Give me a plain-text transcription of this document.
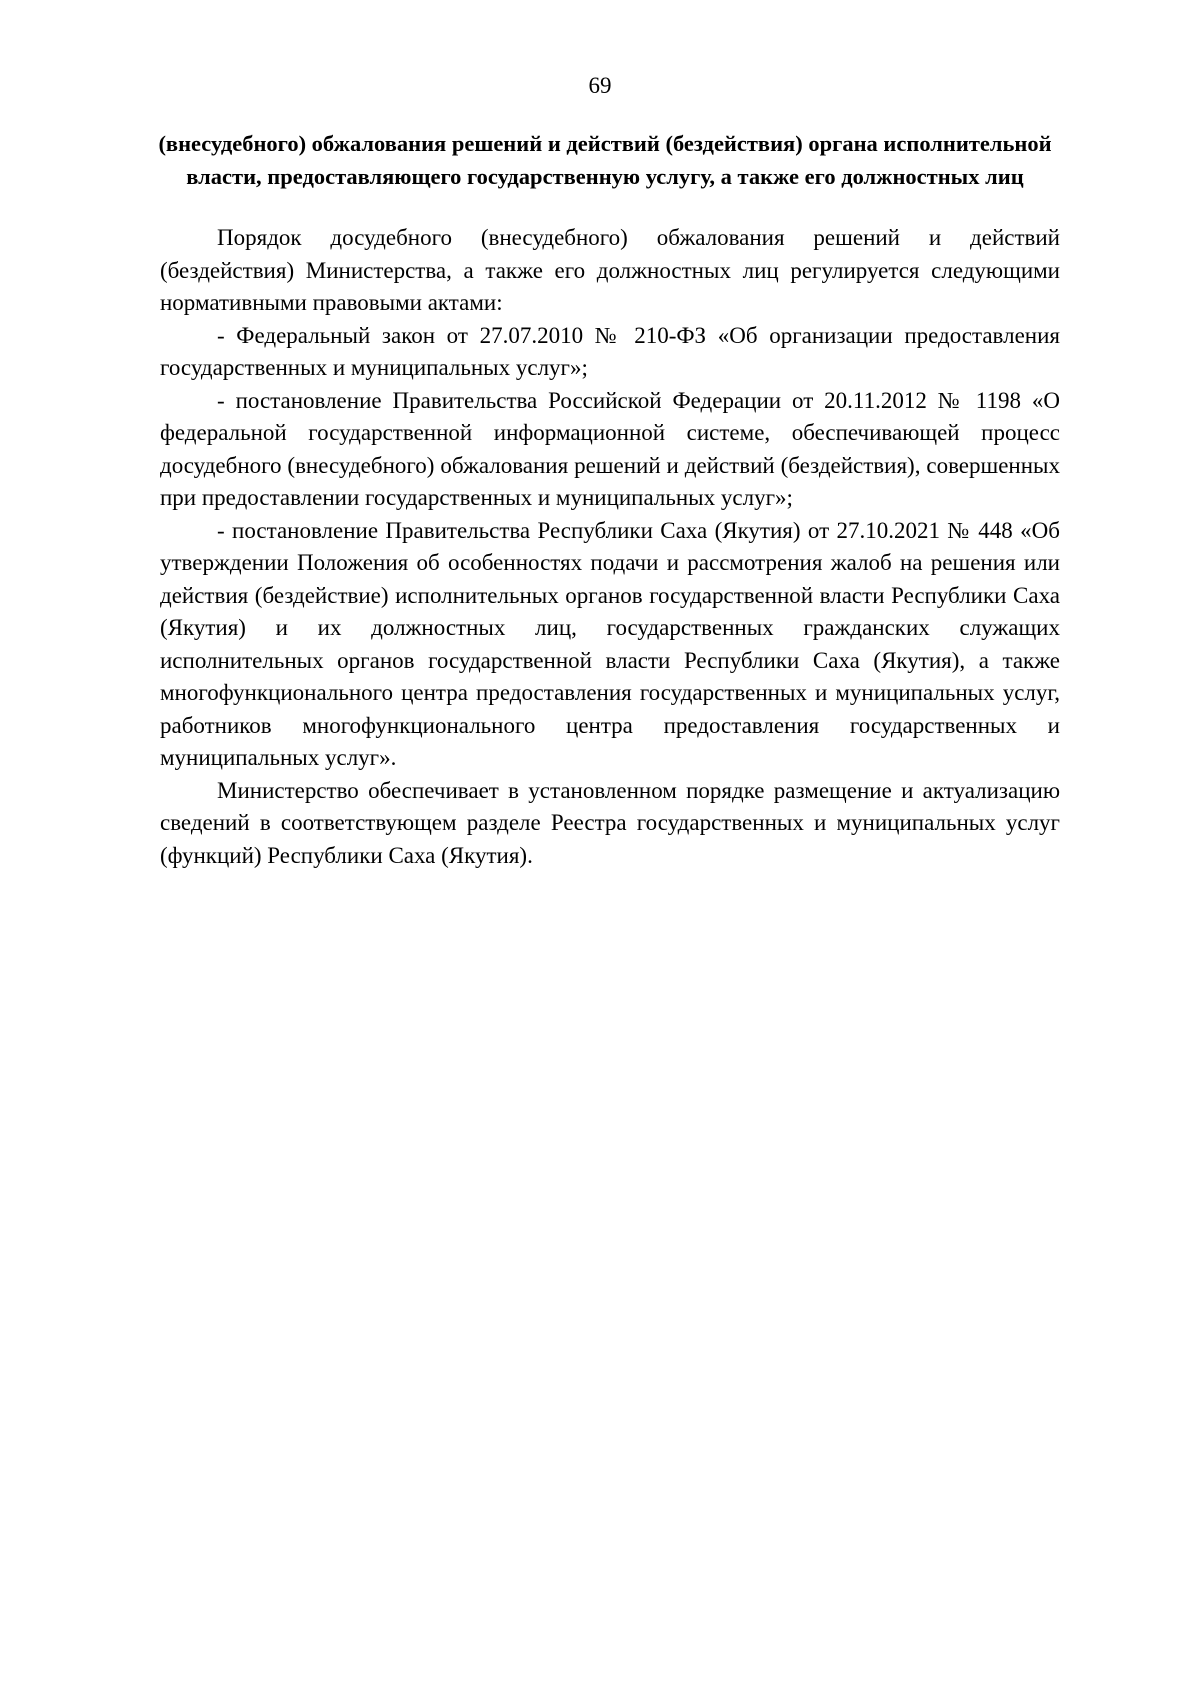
69
(внесудебного) обжалования решений и действий (бездействия) органа исполнительной власти, предоставляющего государственную услугу, а также его должностных лиц

Порядок досудебного (внесудебного) обжалования решений и действий (бездействия) Министерства, а также его должностных лиц регулируется следующими нормативными правовыми актами:

- Федеральный закон от 27.07.2010 № 210-ФЗ «Об организации предоставления государственных и муниципальных услуг»;

- постановление Правительства Российской Федерации от 20.11.2012 № 1198 «О федеральной государственной информационной системе, обеспечивающей процесс досудебного (внесудебного) обжалования решений и действий (бездействия), совершенных при предоставлении государственных и муниципальных услуг»;

- постановление Правительства Республики Саха (Якутия) от 27.10.2021 № 448 «Об утверждении Положения об особенностях подачи и рассмотрения жалоб на решения или действия (бездействие) исполнительных органов государственной власти Республики Саха (Якутия) и их должностных лиц, государственных гражданских служащих исполнительных органов государственной власти Республики Саха (Якутия), а также многофункционального центра предоставления государственных и муниципальных услуг, работников многофункционального центра предоставления государственных и муниципальных услуг».

Министерство обеспечивает в установленном порядке размещение и актуализацию сведений в соответствующем разделе Реестра государственных и муниципальных услуг (функций) Республики Саха (Якутия).
